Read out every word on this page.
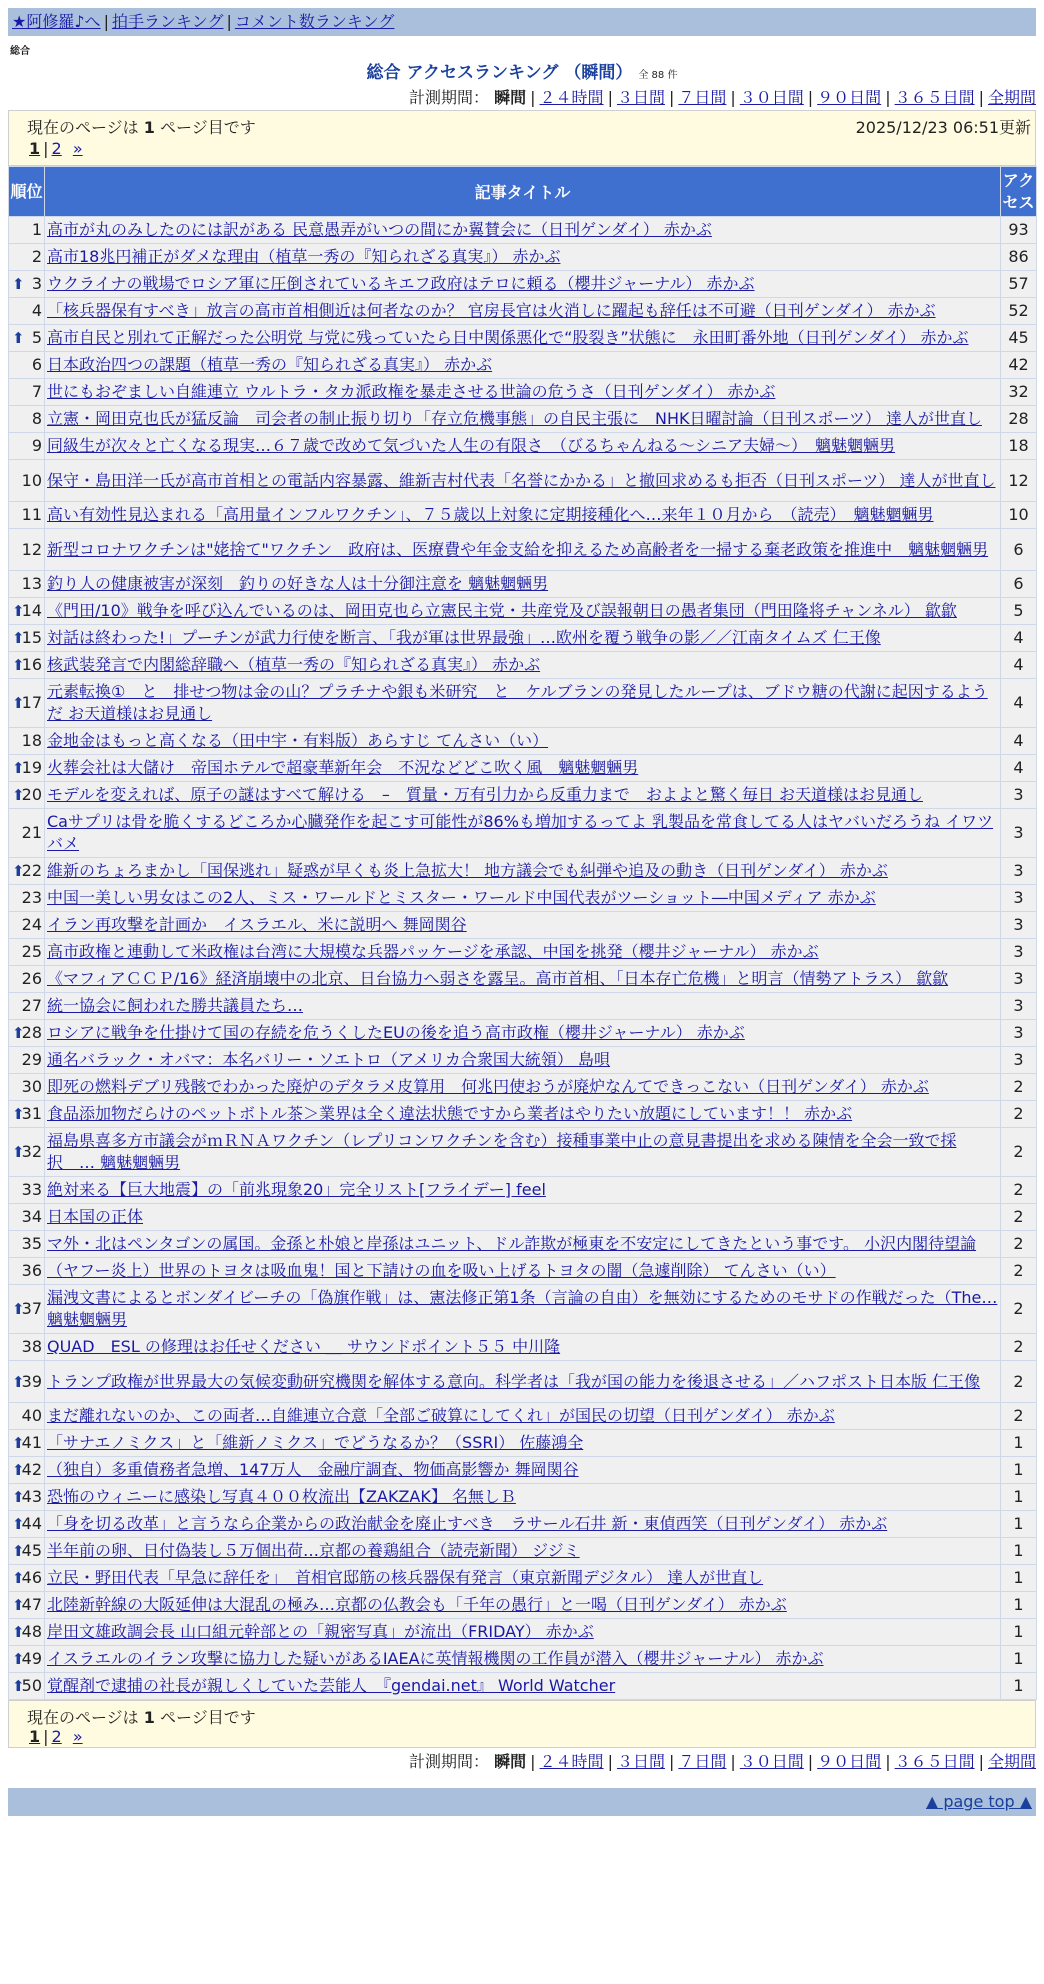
★阿修羅♪へ | 拍手ランキング | コメント数ランキング
総合
総合 アクセスランキング （瞬間） 全 88 件
計測期間： 瞬間 | ２４時間 | ３日間 | ７日間 | ３０日間 | ９０日間 | ３６５日間 | 全期間
現在のページは 1 ページ目です	2025/12/23 06:51更新
1 | 2 »
順位	記事タイトル	アクセス
1	高市が丸のみしたのには訳がある 民意愚弄がいつの間にか翼賛会に（日刊ゲンダイ） 赤かぶ	93
2	高市18兆円補正がダメな理由（植草一秀の『知られざる真実』） 赤かぶ	86

⬆ 3	ウクライナの戦場でロシア軍に圧倒されているキエフ政府はテロに頼る（櫻井ジャーナル） 赤かぶ	57
4	「核兵器保有すべき」放言の高市首相側近は何者なのか？ 官房長官は火消しに躍起も辞任は不可避（日刊ゲンダイ） 赤かぶ	52

⬆ 5	高市自民と別れて正解だった公明党 与党に残っていたら日中関係悪化で“股裂き”状態に　永田町番外地（日刊ゲンダイ） 赤かぶ	45
6	日本政治四つの課題（植草一秀の『知られざる真実』） 赤かぶ	42
7	世にもおぞましい自維連立 ウルトラ・タカ派政権を暴走させる世論の危うさ（日刊ゲンダイ） 赤かぶ	32
8	立憲・岡田克也氏が猛反論　司会者の制止振り切り「存立危機事態」の自民主張に　NHK日曜討論（日刊スポーツ） 達人が世直し	28
9	同級生が次々と亡くなる現実…６７歳で改めて気づいた人生の有限さ　（びるちゃんねる～シニア夫婦～）　魑魅魍魎男	18
10	保守・島田洋一氏が高市首相との電話内容暴露、維新吉村代表「名誉にかかる」と撤回求めるも拒否（日刊スポーツ） 達人が世直し	12
11	高い有効性見込まれる「高用量インフルワクチン」、７５歳以上対象に定期接種化へ…来年１０月から　（読売）　魑魅魍魎男	10
12	新型コロナワクチンは"姥捨て"ワクチン　政府は、医療費や年金支給を抑えるため高齢者を一掃する棄老政策を推進中　魑魅魍魎男	6
13	釣り人の健康被害が深刻　釣りの好きな人は十分御注意を 魑魅魍魎男	6

⬆
14	《門田/10》戦争を呼び込んでいるのは、岡田克也ら立憲民主党・共産党及び誤報朝日の愚者集団（門田隆将チャンネル） 歙歙	5

⬆
15	対話は終わった!」プーチンが武力行使を断言、「我が軍は世界最強」…欧州を覆う戦争の影／／江南タイムズ 仁王像	4

⬆
16	核武装発言で内閣総辞職へ（植草一秀の『知られざる真実』） 赤かぶ	4

⬆
17	元素転換①　と　排せつ物は金の山？プラチナや銀も米研究　と　ケルブランの発見したループは、ブドウ糖の代謝に起因するようだ お天道様はお見通し	4
18	金地金はもっと高くなる（田中宇・有料版）あらすじ てんさい（い）	4

⬆
19	火葬会社は大儲け　帝国ホテルで超豪華新年会　不況などどこ吹く風　魑魅魍魎男	4

⬆
20	モデルを変えれば、原子の謎はすべて解ける　–　質量・万有引力から反重力まで　およよと驚く毎日 お天道様はお見通し	3
21	Caサプリは骨を脆くするどころか心臓発作を起こす可能性が86%も増加するってよ 乳製品を常食してる人はヤバいだろうね イワツバメ	3

⬆
22	維新のちょろまかし「国保逃れ」疑惑が早くも炎上急拡大！ 地方議会でも糾弾や追及の動き（日刊ゲンダイ） 赤かぶ	3
23	中国一美しい男女はこの2人、ミス・ワールドとミスター・ワールド中国代表がツーショット―中国メディア 赤かぶ	3
24	イラン再攻撃を計画か　イスラエル、米に説明へ 舞岡関谷	3
25	高市政権と連動して米政権は台湾に大規模な兵器パッケージを承認、中国を挑発（櫻井ジャーナル） 赤かぶ	3
26	《マフィアＣＣＰ/16》経済崩壊中の北京、日台協力へ弱さを露呈。高市首相、「日本存亡危機」と明言（情勢アトラス） 歙歙	3
27	統一協会に飼われた勝共議員たち…	3

⬆
28	ロシアに戦争を仕掛けて国の存続を危うくしたEUの後を追う高市政権（櫻井ジャーナル） 赤かぶ	3
29	通名バラック・オバマ：本名バリー・ソエトロ（アメリカ合衆国大統領） 島唄	3
30	即死の燃料デブリ残骸でわかった廃炉のデタラメ皮算用　何兆円使おうが廃炉なんてできっこない（日刊ゲンダイ） 赤かぶ	2

⬆
31	食品添加物だらけのペットボトル茶＞業界は全く違法状態ですから業者はやりたい放題にしています！！ 赤かぶ	2

⬆
32	福島県喜多方市議会がｍＲＮＡワクチン（レプリコンワクチンを含む）接種事業中止の意見書提出を求める陳情を全会一致で採択　… 魑魅魍魎男	2
33	絶対来る【巨大地震】の「前兆現象20」完全リスト[フライデー] feel	2
34	日本国の正体	2
35	マ外・北はペンタゴンの属国。金孫と朴娘と岸孫はユニット、ドル詐欺が極東を不安定にしてきたという事です。 小沢内閣待望論	2
36	（ヤフー炎上）世界のトヨタは吸血鬼！国と下請けの血を吸い上げるトヨタの闇（急遽削除） てんさい（い）	2

⬆
37	漏洩文書によるとボンダイビーチの「偽旗作戦」は、憲法修正第1条（言論の自由）を無効にするためのモサドの作戦だった（The… 魑魅魍魎男	2
38	QUAD　ESL の修理はお任せください ＿ サウンドポイント５５ 中川隆	2

⬆
39	トランプ政権が世界最大の気候変動研究機関を解体する意向。科学者は「我が国の能力を後退させる」／ハフポスト日本版 仁王像	2
40	まだ離れないのか、この両者…自維連立合意「全部ご破算にしてくれ」が国民の切望（日刊ゲンダイ） 赤かぶ	2

⬆
41	「サナエノミクス」と「維新ノミクス」でどうなるか？（SSRI） 佐藤鴻全	1

⬆
42	（独自）多重債務者急増、147万人　金融庁調査、物価高影響か 舞岡関谷	1

⬆
43	恐怖のウィニーに感染し写真４００枚流出【ZAKZAK】 名無しＢ	1

⬆
44	「身を切る改革」と言うなら企業からの政治献金を廃止すべき　ラサール石井 新・東偵西笑（日刊ゲンダイ） 赤かぶ	1

⬆
45	半年前の卵、日付偽装し５万個出荷…京都の養鶏組合（読売新聞） ジジミ	1

⬆
46	立民・野田代表「早急に辞任を」　首相官邸筋の核兵器保有発言（東京新聞デジタル） 達人が世直し	1

⬆
47	北陸新幹線の大阪延伸は大混乱の極み…京都の仏教会も「千年の愚行」と一喝（日刊ゲンダイ） 赤かぶ	1

⬆
48	岸田文雄政調会長 山口組元幹部との「親密写真」が流出（FRIDAY） 赤かぶ	1

⬆
49	イスラエルのイラン攻撃に協力した疑いがあるIAEAに英情報機関の工作員が潜入（櫻井ジャーナル） 赤かぶ	1

⬆
50	覚醒剤で逮捕の社長が親しくしていた芸能人　『gendai.net』 World Watcher	1
現在のページは 1 ページ目です
1 | 2 »
計測期間： 瞬間 | ２４時間 | ３日間 | ７日間 | ３０日間 | ９０日間 | ３６５日間 | 全期間
▲ page top ▲
